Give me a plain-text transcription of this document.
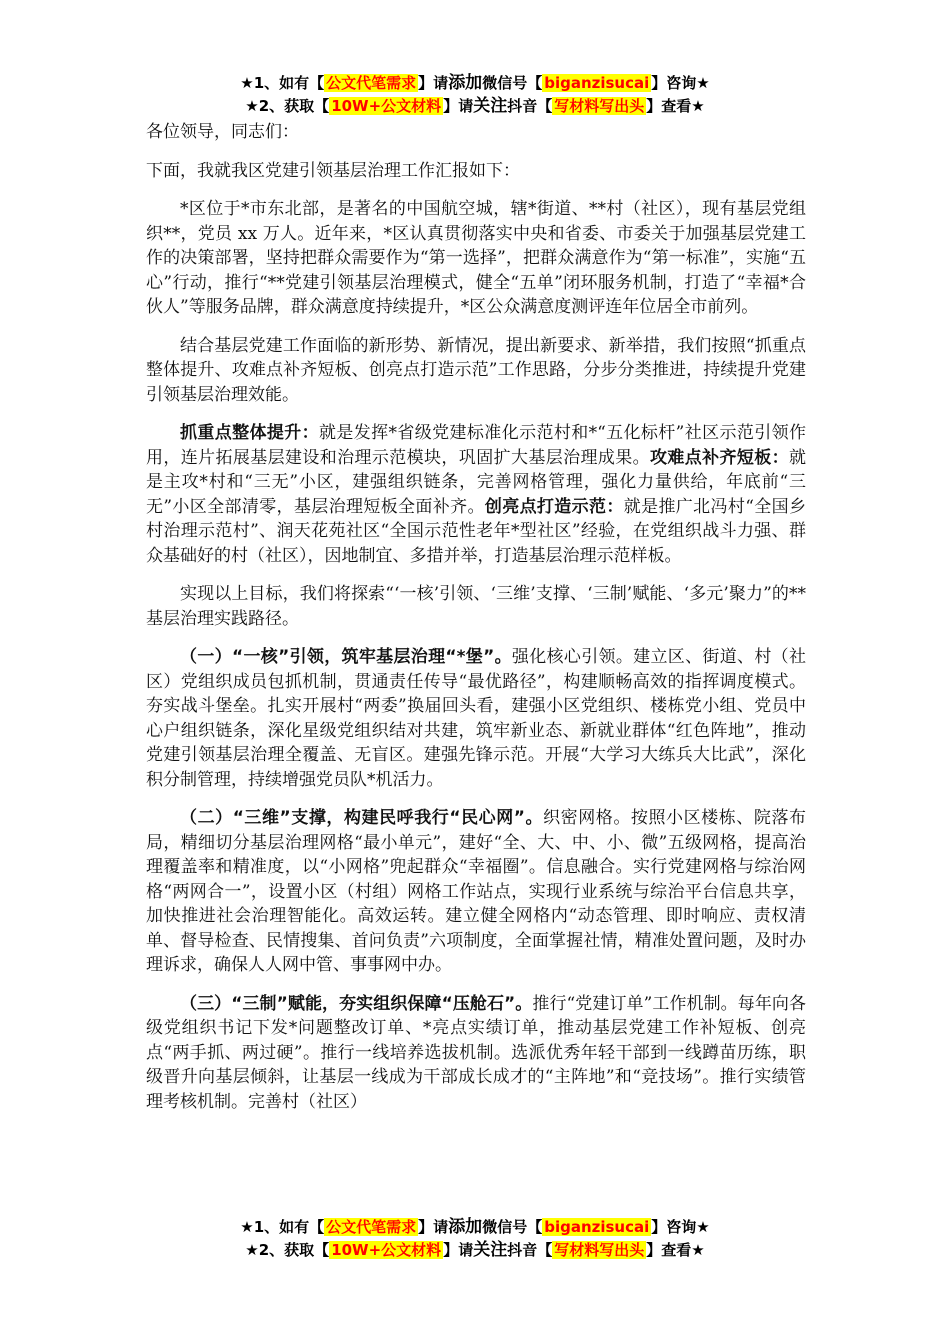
★1、如有【 公文代笔需求 】请添加微信号【 biganzisucai 】咨询★
★2、获取【 10W+公文材料 】请关注抖音【 写材料写出头 】查看★

各位领导，同志们：

下面，我就我区党建引领基层治理工作汇报如下：

*区位于*市东北部，是著名的中国航空城，辖*街道、**村（社区），现有基层党组织**，党员 xx 万人。近年来，*区认真贯彻落实中央和省委、市委关于加强基层党建工作的决策部署，坚持把群众需要作为“第一选择”，把群众满意作为“第一标准”，实施“五心”行动，推行“**党建引领基层治理模式，健全“五单”闭环服务机制，打造了“幸福*合伙人”等服务品牌，群众满意度持续提升，*区公众满意度测评连年位居全市前列。

结合基层党建工作面临的新形势、新情况，提出新要求、新举措，我们按照“抓重点整体提升、攻难点补齐短板、创亮点打造示范”工作思路，分步分类推进，持续提升党建引领基层治理效能。

抓重点整体提升：就是发挥*省级党建标准化示范村和*“五化标杆”社区示范引领作用，连片拓展基层建设和治理示范模块，巩固扩大基层治理成果。攻难点补齐短板：就是主攻*村和“三无”小区，建强组织链条，完善网格管理，强化力量供给，年底前“三无”小区全部清零，基层治理短板全面补齐。创亮点打造示范：就是推广北冯村“全国乡村治理示范村”、润天花苑社区“全国示范性老年*型社区”经验，在党组织战斗力强、群众基础好的村（社区），因地制宜、多措并举，打造基层治理示范样板。

实现以上目标，我们将探索“‘一核’引领、‘三维’支撑、‘三制’赋能、‘多元’聚力”的**基层治理实践路径。

（一）“一核”引领，筑牢基层治理“*堡”。强化核心引领。建立区、街道、村（社区）党组织成员包抓机制，贯通责任传导“最优路径”，构建顺畅高效的指挥调度模式。夯实战斗堡垒。扎实开展村“两委”换届回头看，建强小区党组织、楼栋党小组、党员中心户组织链条，深化星级党组织结对共建，筑牢新业态、新就业群体“红色阵地”，推动党建引领基层治理全覆盖、无盲区。建强先锋示范。开展“大学习大练兵大比武”，深化积分制管理，持续增强党员队*机活力。

（二）“三维”支撑，构建民呼我行“民心网”。织密网格。按照小区楼栋、院落布局，精细切分基层治理网格“最小单元”，建好“全、大、中、小、微”五级网格，提高治理覆盖率和精准度，以“小网格”兜起群众“幸福圈”。信息融合。实行党建网格与综治网格“两网合一”，设置小区（村组）网格工作站点，实现行业系统与综治平台信息共享，加快推进社会治理智能化。高效运转。建立健全网格内“动态管理、即时响应、责权清单、督导检查、民情搜集、首问负责”六项制度，全面掌握社情，精准处置问题，及时办理诉求，确保人人网中管、事事网中办。

（三）“三制”赋能，夯实组织保障“压舱石”。推行“党建订单”工作机制。每年向各级党组织书记下发*问题整改订单、*亮点实绩订单，推动基层党建工作补短板、创亮点“两手抓、两过硬”。推行一线培养选拔机制。选派优秀年轻干部到一线蹲苗历练，职级晋升向基层倾斜，让基层一线成为干部成长成才的“主阵地”和“竞技场”。推行实绩管理考核机制。完善村（社区）

★1、如有【 公文代笔需求 】请添加微信号【 biganzisucai 】咨询★
★2、获取【 10W+公文材料 】请关注抖音【 写材料写出头 】查看★
